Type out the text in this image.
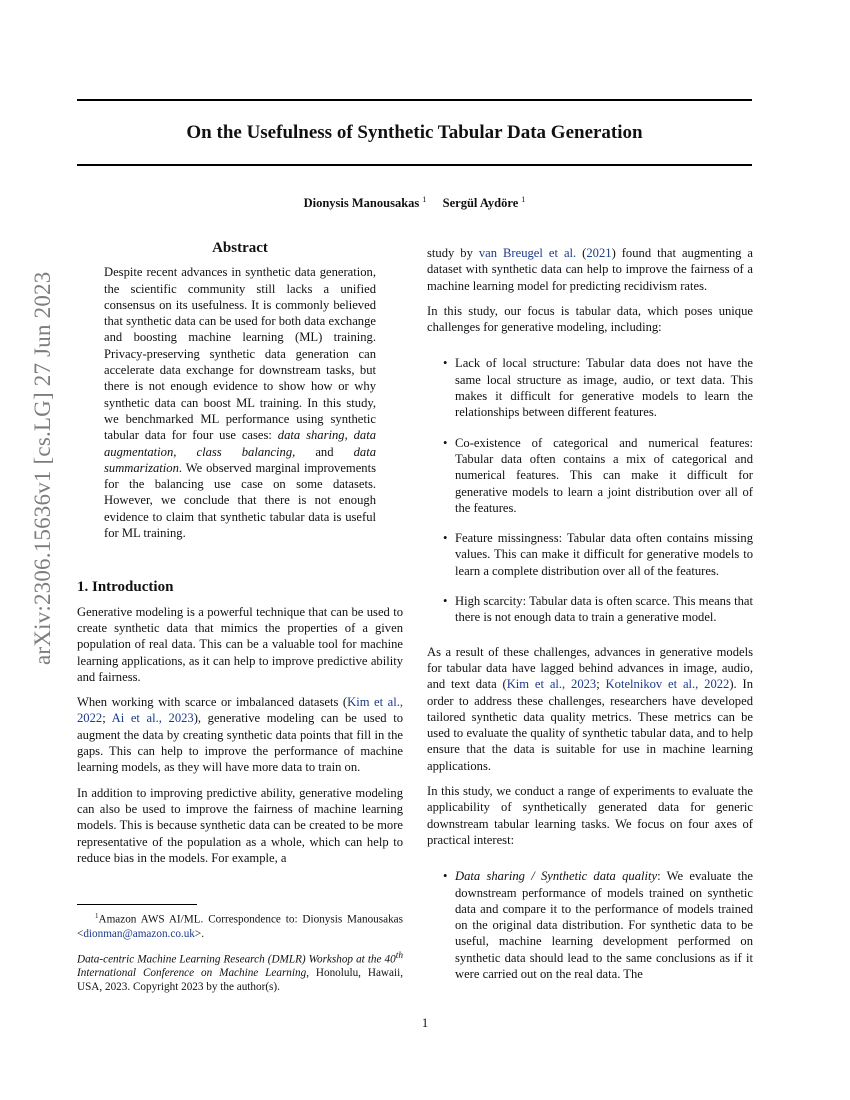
On the Usefulness of Synthetic Tabular Data Generation
Dionysis Manousakas $^1$ Sergül Aydöre $^1$
arXiv:2306.15636v1 [cs.LG] 27 Jun 2023
Abstract
Despite recent advances in synthetic data generation, the scientific community still lacks a unified consensus on its usefulness. It is commonly believed that synthetic data can be used for both data exchange and boosting machine learning (ML) training. Privacy-preserving synthetic data generation can accelerate data exchange for downstream tasks, but there is not enough evidence to show how or why synthetic data can boost ML training. In this study, we benchmarked ML performance using synthetic tabular data for four use cases: data sharing, data augmentation, class balancing, and data summarization. We observed marginal improvements for the balancing use case on some datasets. However, we conclude that there is not enough evidence to claim that synthetic tabular data is useful for ML training.
1. Introduction

Generative modeling is a powerful technique that can be used to create synthetic data that mimics the properties of a given population of real data. This can be a valuable tool for machine learning applications, as it can help to improve predictive ability and fairness.

When working with scarce or imbalanced datasets (Kim et al., 2022; Ai et al., 2023), generative modeling can be used to augment the data by creating synthetic data points that fill in the gaps. This can help to improve the performance of machine learning models, as they will have more data to train on.

In addition to improving predictive ability, generative modeling can also be used to improve the fairness of machine learning models. This is because synthetic data can be created to be more representative of the population as a whole, which can help to reduce bias in the models. For example, a

study by van Breugel et al. (2021) found that augmenting a dataset with synthetic data can help to improve the fairness of a machine learning model for predicting recidivism rates.

In this study, our focus is tabular data, which poses unique challenges for generative modeling, including:

• Lack of local structure: Tabular data does not have the same local structure as image, audio, or text data. This makes it difficult for generative models to learn the relationships between different features.
• Co-existence of categorical and numerical features: Tabular data often contains a mix of categorical and numerical features. This can make it difficult for generative models to learn a joint distribution over all of the features.
• Feature missingness: Tabular data often contains missing values. This can make it difficult for generative models to learn a complete distribution over all of the features.
• High scarcity: Tabular data is often scarce. This means that there is not enough data to train a generative model.

As a result of these challenges, advances in generative models for tabular data have lagged behind advances in image, audio, and text data (Kim et al., 2023; Kotelnikov et al., 2022). In order to address these challenges, researchers have developed tailored synthetic data quality metrics. These metrics can be used to evaluate the quality of synthetic tabular data, and to help ensure that the data is suitable for use in machine learning applications.

In this study, we conduct a range of experiments to evaluate the applicability of synthetically generated data for generic downstream tabular learning tasks. We focus on four axes of practical interest:

• Data sharing / Synthetic data quality: We evaluate the downstream performance of models trained on synthetic data and compare it to the performance of models trained on the original data distribution. For synthetic data to be useful, machine learning development performed on synthetic data should lead to the same conclusions as if it were carried out on the real data. The
$^1$Amazon AWS AI/ML. Correspondence to: Dionysis Manousakas <dionman@amazon.co.uk>.
Data-centric Machine Learning Research (DMLR) Workshop at the 40th International Conference on Machine Learning, Honolulu, Hawaii, USA, 2023. Copyright 2023 by the author(s).
1
